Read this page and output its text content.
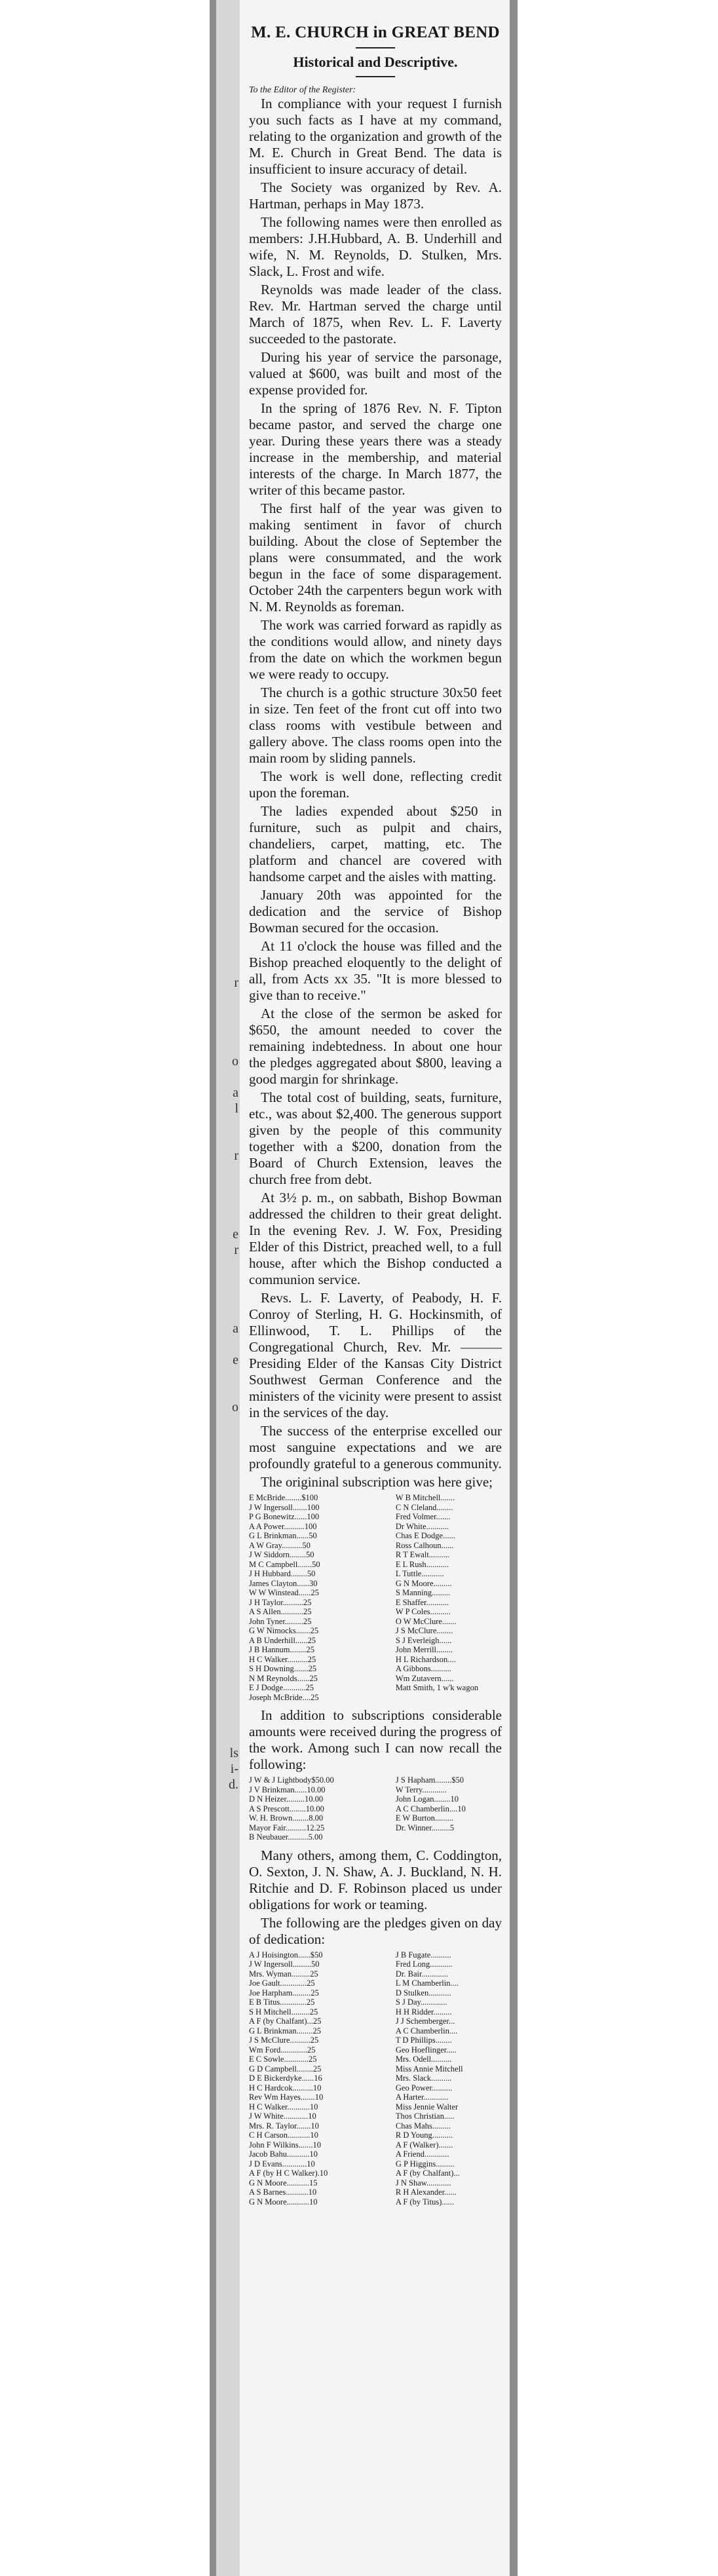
r
o
a
l
r
e
r
a
e
o
ls
i-
d.
M. E. CHURCH in GREAT BEND
Historical and Descriptive.
To the Editor of the Register:

In compliance with your request I furnish you such facts as I have at my command, relating to the organization and growth of the M. E. Church in Great Bend. The data is insufficient to insure accuracy of detail.

The Society was organized by Rev. A. Hartman, perhaps in May 1873.

The following names were then enrolled as members: J.H.Hubbard, A. B. Underhill and wife, N. M. Reynolds, D. Stulken, Mrs. Slack, L. Frost and wife.

Reynolds was made leader of the class. Rev. Mr. Hartman served the charge until March of 1875, when Rev. L. F. Laverty succeeded to the pastorate.

During his year of service the parsonage, valued at $600, was built and most of the expense provided for.

In the spring of 1876 Rev. N. F. Tipton became pastor, and served the charge one year. During these years there was a steady increase in the membership, and material interests of the charge. In March 1877, the writer of this became pastor.

The first half of the year was given to making sentiment in favor of church building. About the close of September the plans were consummated, and the work begun in the face of some disparagement. October 24th the carpenters begun work with N. M. Reynolds as foreman.

The work was carried forward as rapidly as the conditions would allow, and ninety days from the date on which the workmen begun we were ready to occupy.

The church is a gothic structure 30x50 feet in size. Ten feet of the front cut off into two class rooms with vestibule between and gallery above. The class rooms open into the main room by sliding pannels.

The work is well done, reflecting credit upon the foreman.

The ladies expended about $250 in furniture, such as pulpit and chairs, chandeliers, carpet, matting, etc. The platform and chancel are covered with handsome carpet and the aisles with matting.

January 20th was appointed for the dedication and the service of Bishop Bowman secured for the occasion.

At 11 o'clock the house was filled and the Bishop preached eloquently to the delight of all, from Acts xx 35. "It is more blessed to give than to receive."

At the close of the sermon be asked for $650, the amount needed to cover the remaining indebtedness. In about one hour the pledges aggregated about $800, leaving a good margin for shrinkage.

The total cost of building, seats, furniture, etc., was about $2,400. The generous support given by the people of this community together with a $200, donation from the Board of Church Extension, leaves the church free from debt.

At 3½ p. m., on sabbath, Bishop Bowman addressed the children to their great delight. In the evening Rev. J. W. Fox, Presiding Elder of this District, preached well, to a full house, after which the Bishop conducted a communion service.

Revs. L. F. Laverty, of Peabody, H. F. Conroy of Sterling, H. G. Hockinsmith, of Ellinwood, T. L. Phillips of the Congregational Church, Rev. Mr. ——— Presiding Elder of the Kansas City District Southwest German Conference and the ministers of the vicinity were present to assist in the services of the day.

The success of the enterprise excelled our most sanguine expectations and we are profoundly grateful to a generous community.

The origininal subscription was here give;

E McBride........$100	W B Mitchell.......
J W Ingersoll.......100	C N Cleland........
P G Bonewitz......100	Fred Volmer.......
A A Power..........100	Dr White...........
G L Brinkman......50	Chas E Dodge......
A W Gray..........50	Ross Calhoun......
J W Siddorn........50	R T Ewalt..........
M C Campbell.......50	E L Rush...........
J H Hubbard........50	L Tuttle...........
James Clayton......30	G N Moore.........
W W Winstead......25	S Manning.........
J H Taylor..........25	E Shaffer...........
A S Allen...........25	W P Coles..........
John Tyner.........25	O W McClure.......
G W Nimocks.......25	J S McClure........
A B Underhill......25	S J Everleigh......
J B Hannum........25	John Merrill........
H C Walker..........25	H L Richardson....
S H Downing.......25	A Gibbons..........
N M Reynolds......25	Wm Zutavern......
E J Dodge...........25	Matt Smith, 1 w'k wagon
Joseph McBride....25	

In addition to subscriptions considerable amounts were received during the progress of the work. Among such I can now recall the following:

J W & J Lightbody$50.00	J S Hapham........$50
J V Brinkman......10.00	W Terry............
D N Heizer.........10.00	John Logan........10
A S Prescott........10.00	A C Chamberlin....10
W. H. Brown........8.00	E W Burton.........
Mayor Fair..........12.25	Dr. Winner.........5
B Neubauer..........5.00	

Many others, among them, C. Coddington, O. Sexton, J. N. Shaw, A. J. Buckland, N. H. Ritchie and D. F. Robinson placed us under obligations for work or teaming.

The following are the pledges given on day of dedication:

A J Hoisington......$50	J B Fugate..........
J W Ingersoll.........50	Fred Long...........
Mrs. Wyman.........25	Dr. Bair.............
Joe Gault.............25	L M Chamberlin....
Joe Harpham.........25	D Stulken...........
E B Titus.............25	S J Day.............
S H Mitchell.........25	H H Ridder.........
A F (by Chalfant)...25	J J Schemberger...
G L Brinkman........25	A C Chamberlin....
J S McClure..........25	T D Phillips........
Wm Ford.............25	Geo Hoeflinger.....
E C Sowle............25	Mrs. Odell..........
G D Campbell........25	Miss Annie Mitchell
D E Bickerdyke......16	Mrs. Slack..........
H C Hardcok..........10	Geo Power..........
Rev Wm Hayes.......10	A Harter............
H C Walker...........10	Miss Jennie Walter
J W White............10	Thos Christian.....
Mrs. R. Taylor.......10	Chas Mahs.........
C H Carson...........10	R D Young..........
John F Wilkins.......10	A F (Walker).......
Jacob Bahu...........10	A Friend............
J D Evans............10	G P Higgins.........
A F (by H C Walker).10	A F (by Chalfant)...
G N Moore...........15	J N Shaw............
A S Barnes...........10	R H Alexander......
G N Moore...........10	A F (by Titus)......
